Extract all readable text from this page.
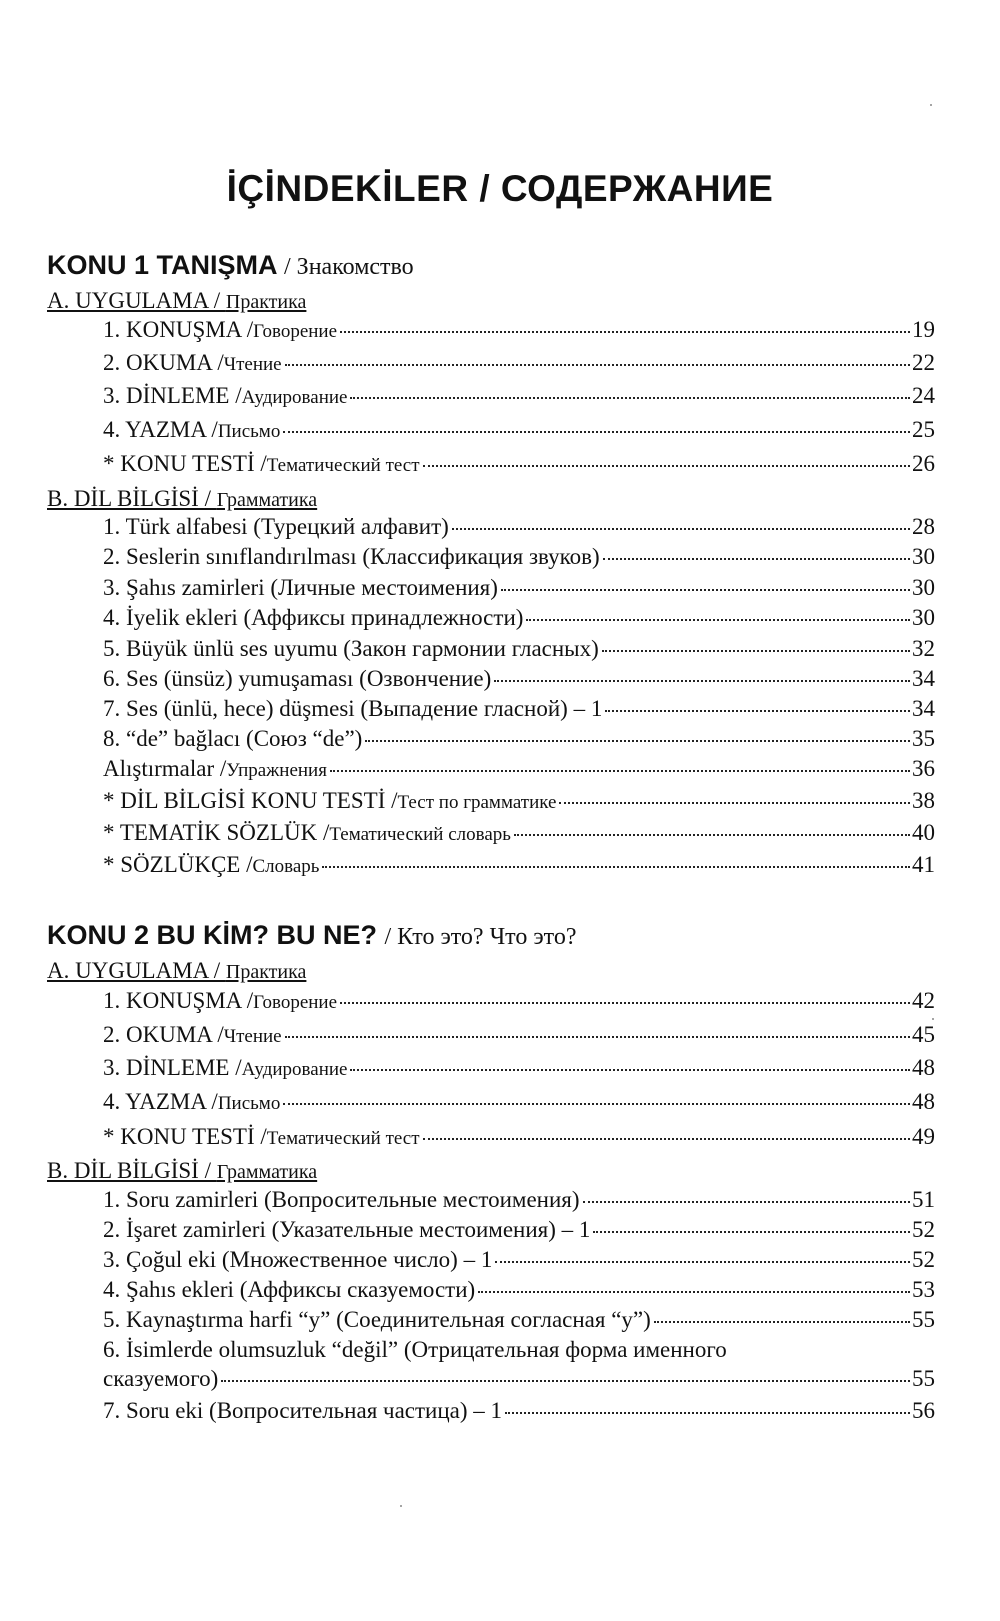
İÇİNDEKİLER / СОДЕРЖАНИЕ
KONU 1 TANIŞMA / Знакомство
A. UYGULAMA / Практика
1. KONUŞMA / Говорение	19
2. OKUMA / Чтение	22
3. DİNLEME / Аудирование	24
4. YAZMA / Письмо	25
* KONU TESTİ / Тематический тест	26
B. DİL BİLGİSİ / Грамматика
1. Türk alfabesi (Турецкий алфавит)	28
2. Seslerin sınıflandırılması (Классификация звуков)	30
3. Şahıs zamirleri (Личные местоимения)	30
4. İyelik ekleri (Аффиксы принадлежности)	30
5. Büyük ünlü ses uyumu (Закон гармонии гласных)	32
6. Ses (ünsüz) yumuşaması (Озвончение)	34
7. Ses (ünlü, hece) düşmesi (Выпадение гласной) – 1	34
8. “de” bağlacı (Союз “de”)	35
Alıştırmalar / Упражнения	36
* DİL BİLGİSİ KONU TESTİ / Тест по грамматике	38
* TEMATİK SÖZLÜK / Тематический словарь	40
* SÖZLÜKÇE / Словарь	41
KONU 2 BU KİM? BU NE? / Кто это? Что это?
A. UYGULAMA / Практика
1. KONUŞMA / Говорение	42
2. OKUMA / Чтение	45
3. DİNLEME / Аудирование	48
4. YAZMA / Письмо	48
* KONU TESTİ / Тематический тест	49
B. DİL BİLGİSİ / Грамматика
1. Soru zamirleri (Вопросительные местоимения)	51
2. İşaret zamirleri (Указательные местоимения) – 1	52
3. Çoğul eki (Множественное число) – 1	52
4. Şahıs ekleri (Аффиксы сказуемости)	53
5. Kaynaştırma harfi “y” (Соединительная согласная “y”)	55
6. İsimlerde olumsuzluk “değil” (Отрицательная форма именного
сказуемого)	55
7. Soru eki (Вопросительная частица) – 1	56
